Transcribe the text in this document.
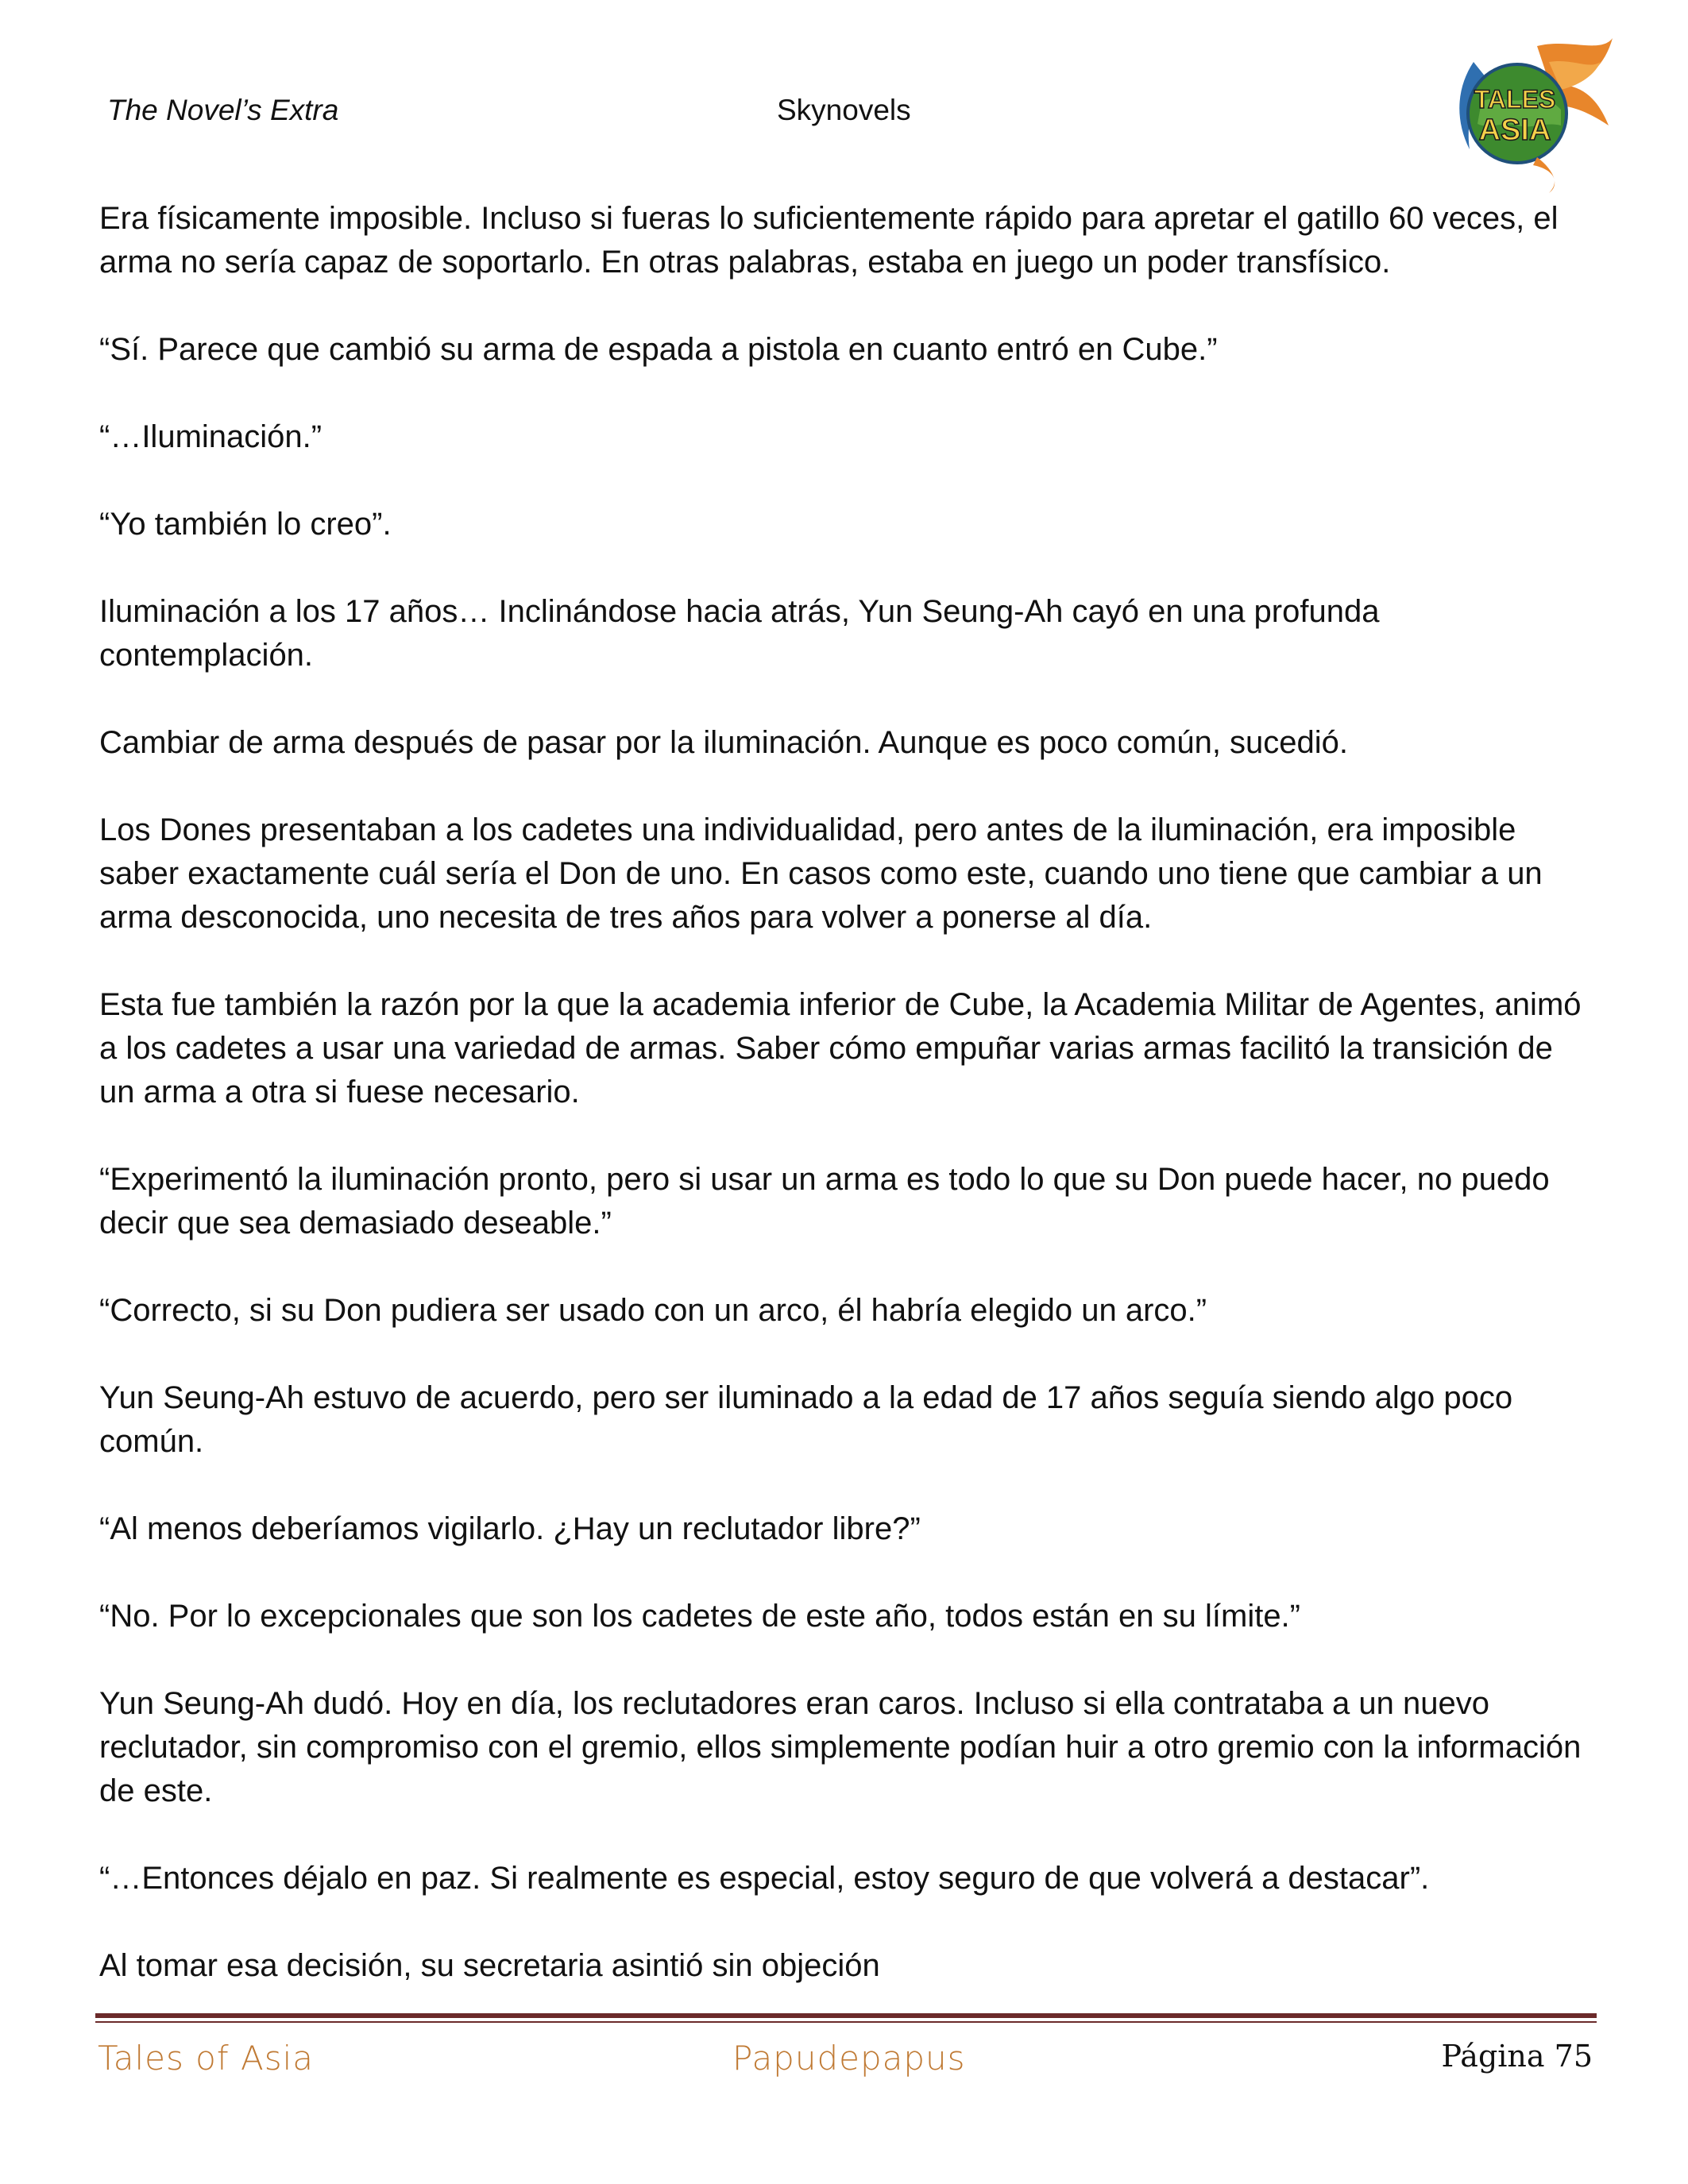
The Novel’s Extra	Skynovels	TALES
ASIA

Era físicamente imposible. Incluso si fueras lo suficientemente rápido para apretar el gatillo 60 veces, el arma no sería capaz de soportarlo. En otras palabras, estaba en juego un poder transfísico.

“Sí. Parece que cambió su arma de espada a pistola en cuanto entró en Cube.”

“…Iluminación.”

“Yo también lo creo”.

Iluminación a los 17 años… Inclinándose hacia atrás, Yun Seung-Ah cayó en una profunda contemplación.

Cambiar de arma después de pasar por la iluminación. Aunque es poco común, sucedió.

Los Dones presentaban a los cadetes una individualidad, pero antes de la iluminación, era imposible saber exactamente cuál sería el Don de uno. En casos como este, cuando uno tiene que cambiar a un arma desconocida, uno necesita de tres años para volver a ponerse al día.

Esta fue también la razón por la que la academia inferior de Cube, la Academia Militar de Agentes, animó a los cadetes a usar una variedad de armas. Saber cómo empuñar varias armas facilitó la transición de un arma a otra si fuese necesario.

“Experimentó la iluminación pronto, pero si usar un arma es todo lo que su Don puede hacer, no puedo decir que sea demasiado deseable.”

“Correcto, si su Don pudiera ser usado con un arco, él habría elegido un arco.”

Yun Seung-Ah estuvo de acuerdo, pero ser iluminado a la edad de 17 años seguía siendo algo poco común.

“Al menos deberíamos vigilarlo. ¿Hay un reclutador libre?”

“No. Por lo excepcionales que son los cadetes de este año, todos están en su límite.”

Yun Seung-Ah dudó. Hoy en día, los reclutadores eran caros. Incluso si ella contrataba a un nuevo reclutador, sin compromiso con el gremio, ellos simplemente podían huir a otro gremio con la información de este.

“…Entonces déjalo en paz. Si realmente es especial, estoy seguro de que volverá a destacar”.

Al tomar esa decisión, su secretaria asintió sin objeción

Tales of Asia	Papudepapus	Página 75
